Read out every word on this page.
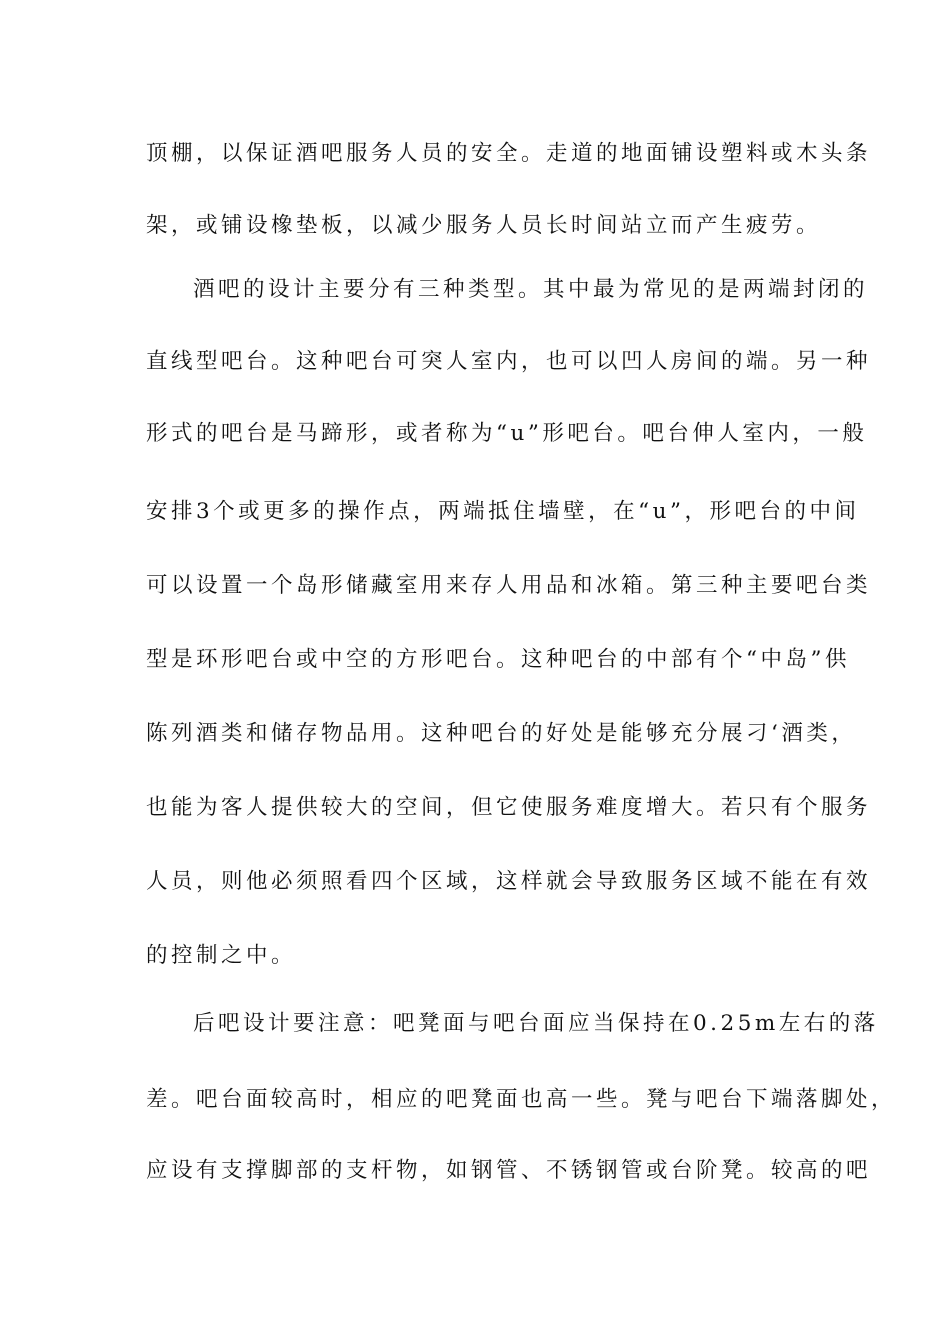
顶棚，以保证酒吧服务人员的安全。走道的地面铺设塑料或木头条
架，或铺设橡垫板，以减少服务人员长时间站立而产生疲劳。
酒吧的设计主要分有三种类型。其中最为常见的是两端封闭的
直线型吧台。这种吧台可突人室内，也可以凹人房间的端。另一种
形式的吧台是马蹄形，或者称为“u”形吧台。吧台伸人室内，一般
安排3个或更多的操作点，两端抵住墙壁，在“u”，形吧台的中间
可以设置一个岛形储藏室用来存人用品和冰箱。第三种主要吧台类
型是环形吧台或中空的方形吧台。这种吧台的中部有个“中岛”供
陈列酒类和储存物品用。这种吧台的好处是能够充分展刁‘酒类，
也能为客人提供较大的空间，但它使服务难度增大。若只有个服务
人员，则他必须照看四个区域，这样就会导致服务区域不能在有效
的控制之中。
后吧设计要注意：吧凳面与吧台面应当保持在0.25m左右的落
差。吧台面较高时，相应的吧凳面也高一些。凳与吧台下端落脚处，
应设有支撑脚部的支杆物，如钢管、不锈钢管或台阶凳。较高的吧
